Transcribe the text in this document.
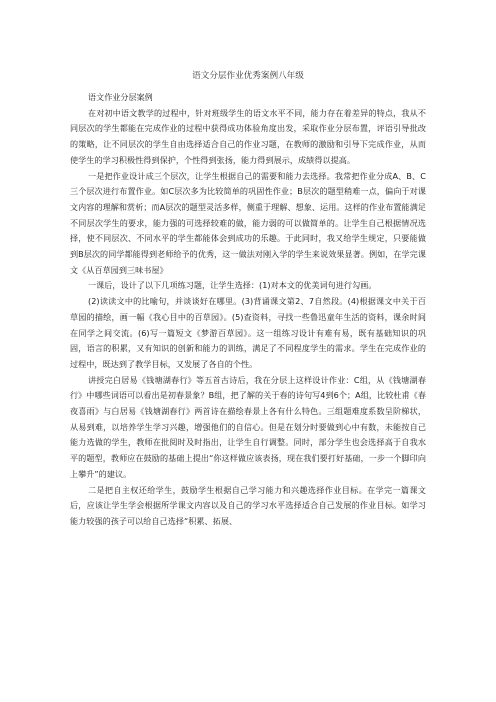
语文分层作业优秀案例八年级

语文作业分层案例

在对初中语文教学的过程中，针对班级学生的语文水平不同，能力存在着差异的特点，我从不同层次的学生都能在完成作业的过程中获得成功体验角度出发，采取作业分层布置，评语引导批改的策略，让不同层次的学生自由选择适合自己的作业习题，在教师的激励和引导下完成作业，从而使学生的学习积极性得到保护，个性得到张扬，能力得到展示，成绩得以提高。

一是把作业设计成三个层次，让学生根据自己的需要和能力去选择。我常把作业分成A、B、C三个层次进行布置作业。如C层次多为比较简单的巩固性作业；B层次的题型稍难一点，偏向于对课文内容的理解和赏析；而A层次的题型灵活多样，侧重于理解、想象、运用。这样的作业布置能满足不同层次学生的要求，能力强的可选择较难的做，能力弱的可以做简单的。让学生自己根据情况选择，使不同层次、不同水平的学生都能体会到成功的乐趣。于此同时，我又给学生规定，只要能做到B层次的同学都能得到老师给予的优秀，这一做法对刚入学的学生来说效果显著。例如，在学完课文《从百草园到三味书屋》

一课后，设计了以下几项练习题，让学生选择：(1)对本文的优美词句进行勾画。

(2)读读文中的比喻句，并谈谈好在哪里。(3)背诵课文第2、7自然段。(4)根据课文中关于百草园的描绘，画一幅《我心目中的百草园》。(5)查资料，寻找一些鲁迅童年生活的资料，课余时间在同学之间交流。(6)写一篇短文《梦游百草园》。这一组练习设计有难有易，既有基础知识的巩固，语言的积累，又有知识的创新和能力的训练，满足了不同程度学生的需求。学生在完成作业的过程中，既达到了教学目标，又发展了各自的个性。

讲授完白居易《钱塘湖春行》等五首古诗后，我在分层上这样设计作业：C组，从《钱塘湖春行》中哪些词语可以看出是初春景象？B组，把了解的关于春的诗句写4到6个；A组，比较杜甫《春夜喜雨》与白居易《钱塘湖春行》两首诗在描绘春景上各有什么特色。三组题难度系数呈阶梯状，从易到难，以培养学生学习兴趣，增强他们的自信心。但是在划分时要做到心中有数，未能按自己能力选做的学生，教师在批阅时及时指出，让学生自行调整。同时，部分学生也会选择高于自我水平的题型，教师应在鼓励的基础上提出“你这样做应该表扬，现在我们要打好基础，一步一个脚印向上攀升”的建议。

二是把自主权还给学生，鼓励学生根据自己学习能力和兴趣选择作业目标。在学完一篇课文后，应该让学生学会根据所学课文内容以及自己的学习水平选择适合自己发展的作业目标。如学习能力较强的孩子可以给自己选择“积累、拓展、
